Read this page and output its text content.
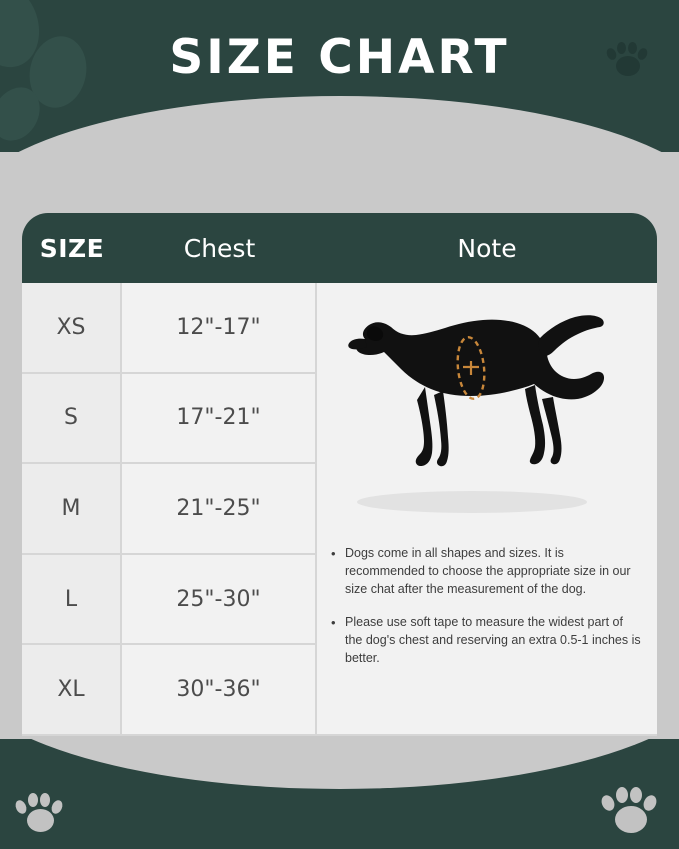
SIZE CHART
SIZE	Chest	Note
XS
S
M
L
XL
12"-17"
17"-21"
21"-25"
25"-30"
30"-36"
• Dogs come in all shapes and sizes. It is recommended to choose the appropriate size in our size chat after the measurement of the dog.
• Please use soft tape to measure the widest part of the dog's chest and reserving an extra 0.5-1 inches is better.
